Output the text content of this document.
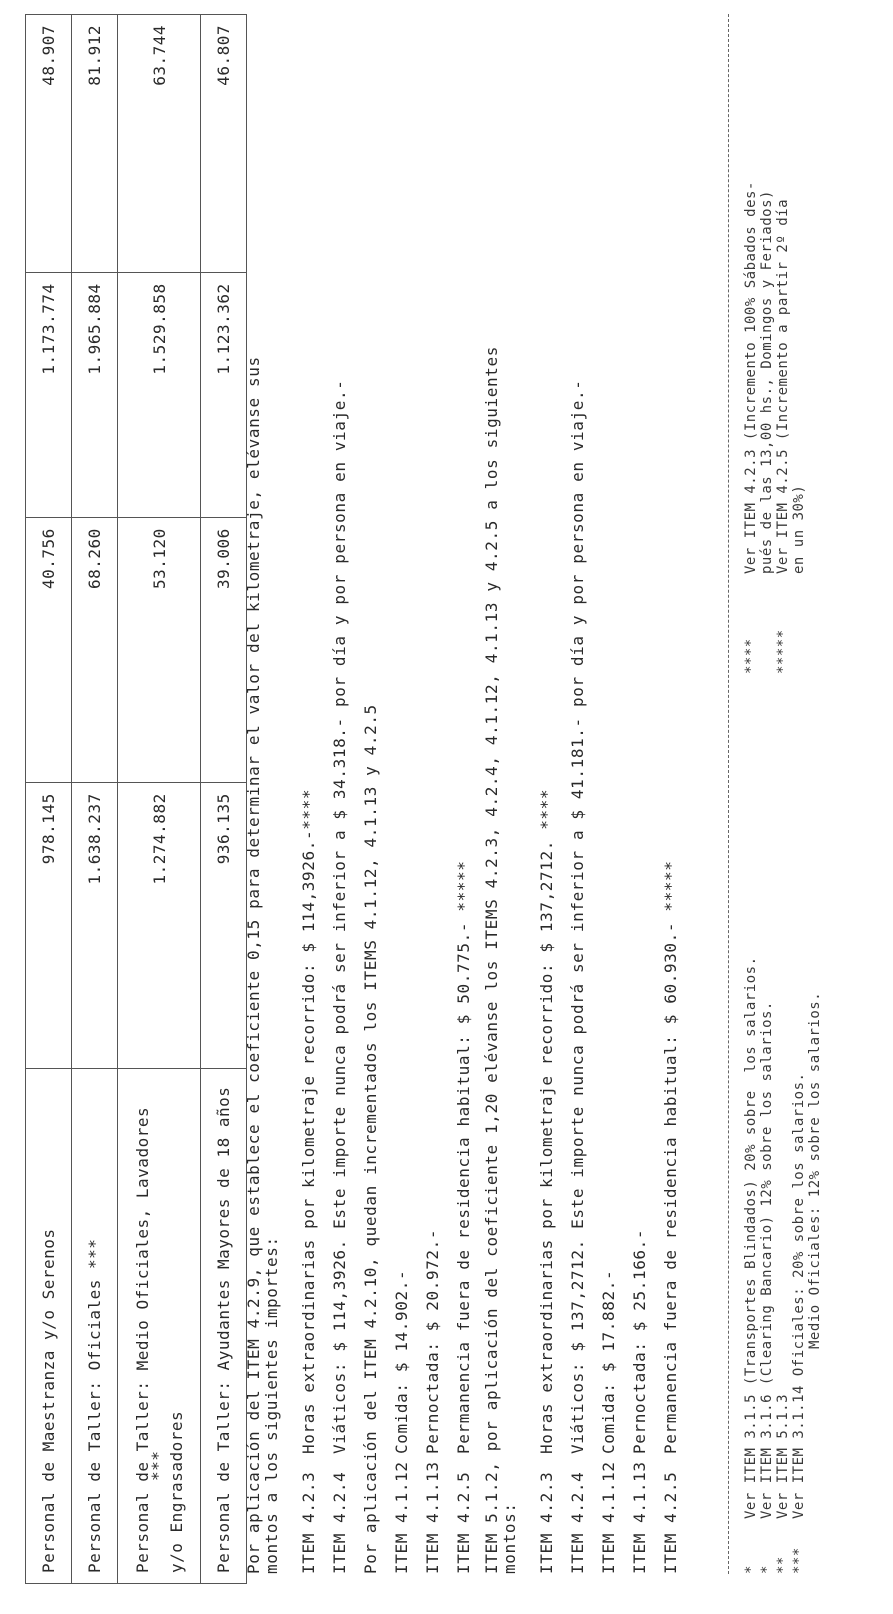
Personal de Maestranza y/o Serenos	978.145	40.756	1.173.774	48.907
Personal de Taller: Oficiales ***	1.638.237	68.260	1.965.884	81.912

Personal de Taller: Medio Oficiales, Lavadores
*** y/o Engrasadores	1.274.882	53.120	1.529.858	63.744
Personal de Taller: Ayudantes Mayores de 18 años	936.135	39.006	1.123.362	46.807
Por aplicación del ITEM 4.2.9, que establece el coeficiente 0,15 para determinar el valor del kilometraje, elévanse sus montos a los siguientes importes: ITEM 4.2.3
Horas extraordinarias por kilometraje recorrido: $ 114,3926.-****
ITEM 4.2.4
Viáticos: $ 114,3926. Este importe nunca podrá ser inferior a $ 34.318.- por día y por persona en viaje.- Por aplicación del ITEM 4.2.10, quedan incrementados los ITEMS 4.1.12, 4.1.13 y 4.2.5 ITEM 4.1.12
Comida: $ 14.902.-
ITEM 4.1.13
Pernoctada: $ 20.972.-
ITEM 4.2.5
Permanencia fuera de residencia habitual: $ 50.775.- ***** ITEM 5.1.2, por aplicación del coeficiente 1,20 elévanse los ITEMS 4.2.3, 4.2.4, 4.1.12, 4.1.13 y 4.2.5 a los siguientes montos: ITEM 4.2.3
Horas extraordinarias por kilometraje recorrido: $ 137,2712. ****
ITEM 4.2.4
Viáticos: $ 137,2712. Este importe nunca podrá ser inferior a $ 41.181.- por día y por persona en viaje.-
ITEM 4.1.12
Comida: $ 17.882.-
ITEM 4.1.13
Pernoctada: $ 25.166.-
ITEM 4.2.5
Permanencia fuera de residencia habitual: $ 60.930.- *****
*
Ver ITEM 3.1.5 (Transportes Blindados) 20% sobre  los salarios.
*
Ver ITEM 3.1.6 (Clearing Bancario) 12% sobre los salarios.
**
Ver ITEM 5.1.3
***
Ver ITEM 3.1.14 Oficiales: 20% sobre los salarios. Medio Oficiales: 12% sobre los salarios.
****
Ver ITEM 4.2.3 (Incremento 100% Sábados des- pués de las 13,00 hs., Domingos y Feriados)
*****
Ver ITEM 4.2.5 (Incremento a partir 2º día en un 30%)
